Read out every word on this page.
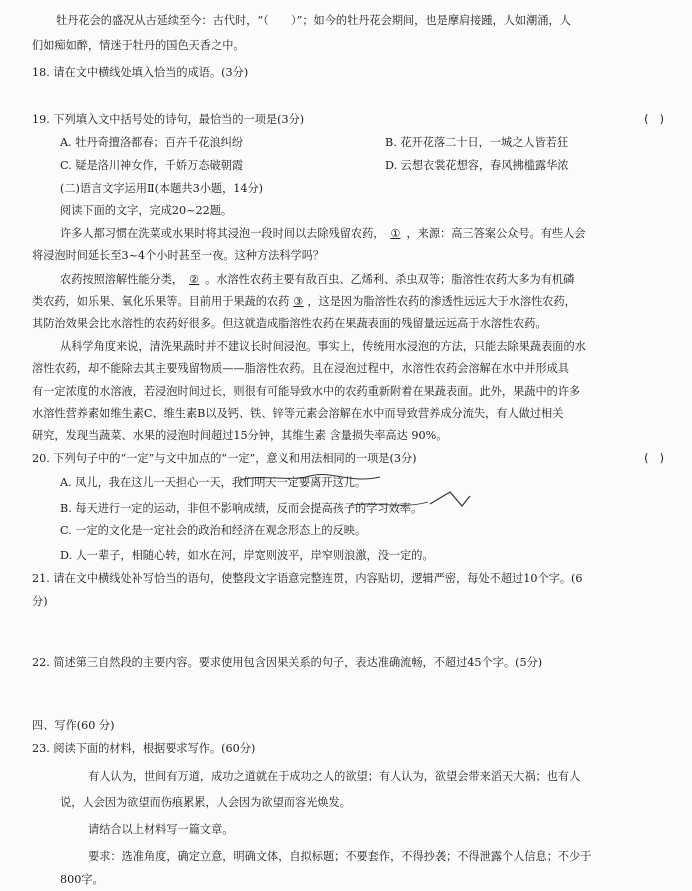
牡丹花会的盛况从古延续至今：古代时，“（　　）”；如今的牡丹花会期间，也是摩肩接踵，人如潮涌，人
们如痴如醉，情迷于牡丹的国色天香之中。
18. 请在文中横线处填入恰当的成语。(3分)
19. 下列填入文中括号处的诗句，最恰当的一项是(3分)	(　)
A. 牡丹奇擅洛都春；百卉千花浪纠纷	B. 花开花落二十日，一城之人皆若狂
C. 疑是洛川神女作，千娇万态破朝霞	D. 云想衣裳花想容，春风拂槛露华浓
(二)语言文字运用Ⅱ(本题共3小题，14分)
阅读下面的文字，完成20~22题。
许多人都习惯在洗菜或水果时将其浸泡一段时间以去除残留农药， ① ，来源：高三答案公众号。有些人会
将浸泡时间延长至3~4个小时甚至一夜。这种方法科学吗？
农药按照溶解性能分类， ② 。水溶性农药主要有敌百虫、乙烯利、杀虫双等；脂溶性农药大多为有机磷
类农药，如乐果、氧化乐果等。目前用于果蔬的农药 ③ ，这是因为脂溶性农药的渗透性远远大于水溶性农药，
其防治效果会比水溶性的农药好很多。但这就造成脂溶性农药在果蔬表面的残留量远远高于水溶性农药。
从科学角度来说，清洗果蔬时并不建议长时间浸泡。事实上，传统用水浸泡的方法，只能去除果蔬表面的水
溶性农药，却不能除去其主要残留物质——脂溶性农药。且在浸泡过程中，水溶性农药会溶解在水中并形成具
有一定浓度的水溶液，若浸泡时间过长，则很有可能导致水中的农药重新附着在果蔬表面。此外，果蔬中的许多
水溶性营养素如维生素C、维生素B以及钙、铁、锌等元素会溶解在水中而导致营养成分流失，有人做过相关
研究，发现当蔬菜、水果的浸泡时间超过15分钟，其维生素 含量损失率高达 90%。
20. 下列句子中的“一定”与文中加点的“一定”，意义和用法相同的一项是(3分)	(　)
A. 凤儿，我在这儿一天担心一天，我们明天一定要离开这儿。
B. 每天进行一定的运动，非但不影响成绩，反而会提高孩子的学习效率。
C. 一定的文化是一定社会的政治和经济在观念形态上的反映。
D. 人一辈子，相随心转，如水在河，岸宽则波平，岸窄则浪激，没一定的。
21. 请在文中横线处补写恰当的语句，使整段文字语意完整连贯，内容贴切，逻辑严密，每处不超过10个字。(6
分)
22. 简述第三自然段的主要内容。要求使用包含因果关系的句子，表达准确流畅，不超过45个字。(5分)
四、写作(60 分)
23. 阅读下面的材料，根据要求写作。(60分)
有人认为，世间有万道，成功之道就在于成功之人的欲望；有人认为，欲望会带来滔天大祸；也有人
说，人会因为欲望而伤痕累累，人会因为欲望而容光焕发。
请结合以上材料写一篇文章。
要求：选准角度，确定立意，明确文体，自拟标题；不要套作，不得抄袭；不得泄露个人信息；不少于
800字。
